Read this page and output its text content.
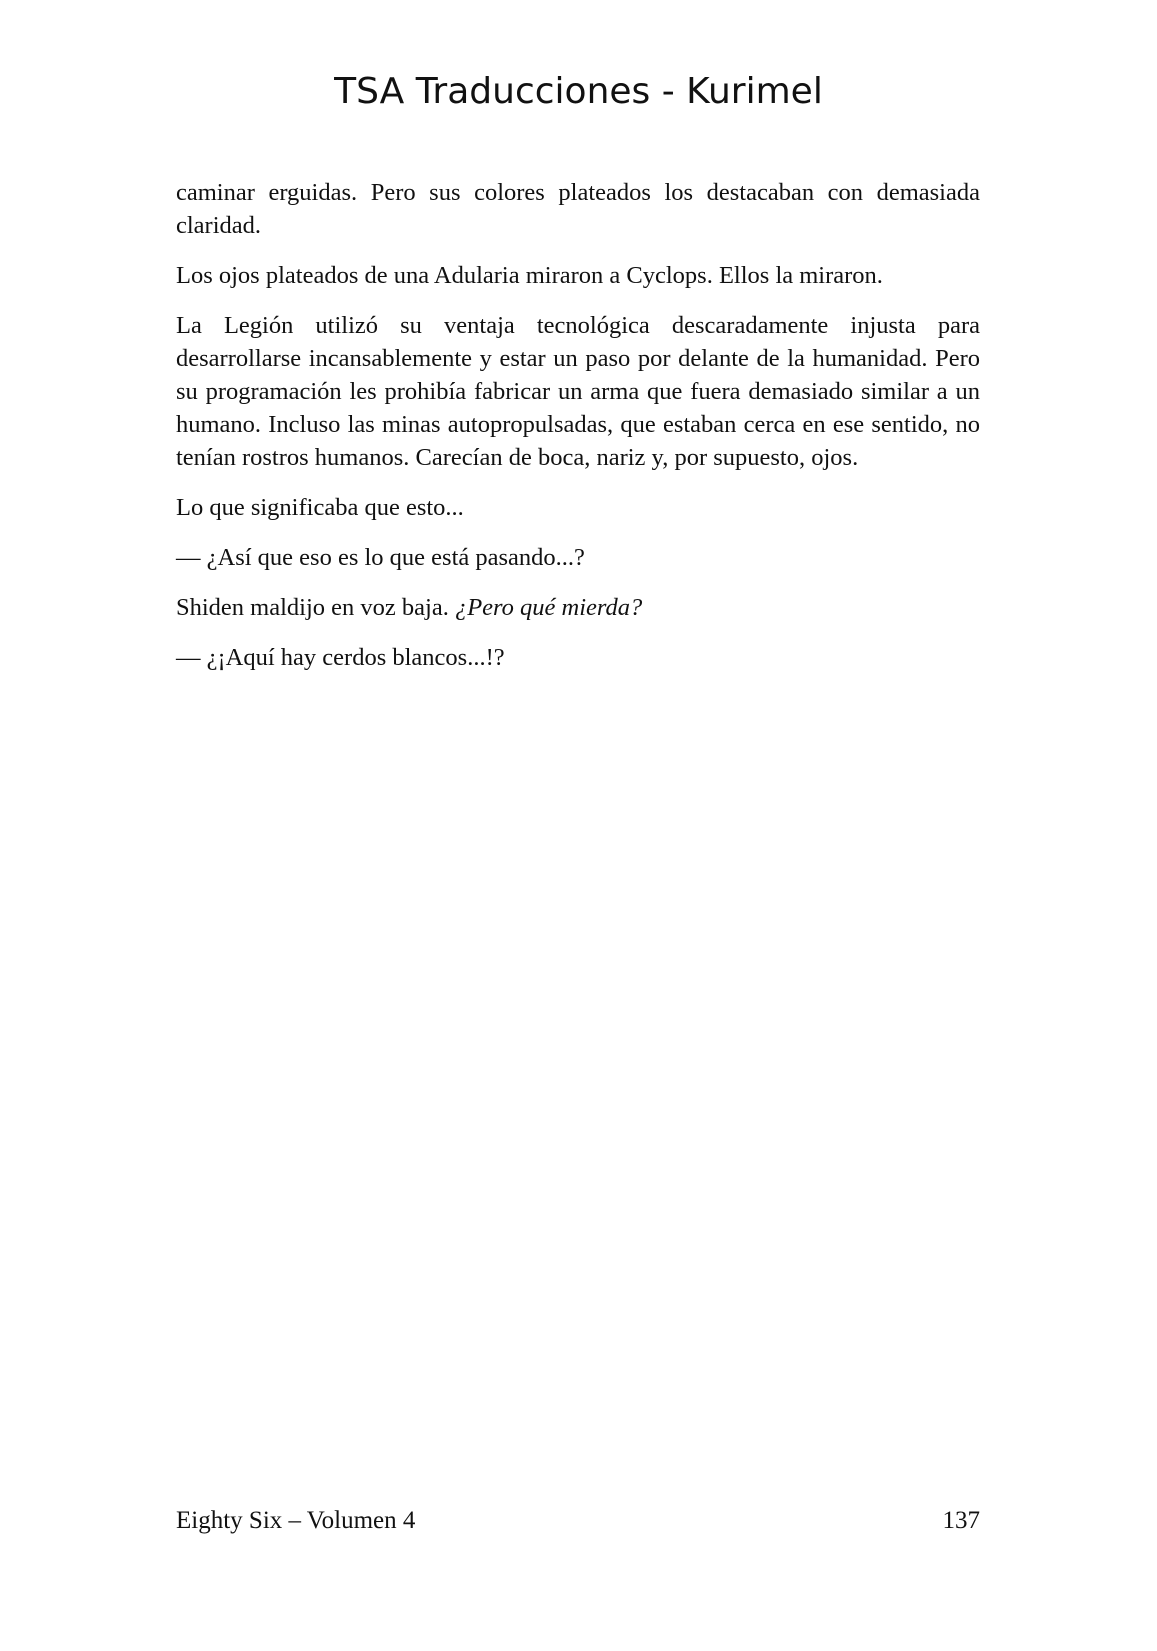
TSA Traducciones - Kurimel

caminar erguidas. Pero sus colores plateados los destacaban con demasiada claridad.

Los ojos plateados de una Adularia miraron a Cyclops. Ellos la miraron.

La Legión utilizó su ventaja tecnológica descaradamente injusta para desarrollarse incansablemente y estar un paso por delante de la humanidad. Pero su programación les prohibía fabricar un arma que fuera demasiado similar a un humano. Incluso las minas autopropulsadas, que estaban cerca en ese sentido, no tenían rostros humanos. Carecían de boca, nariz y, por supuesto, ojos.

Lo que significaba que esto...

— ¿Así que eso es lo que está pasando...?

Shiden maldijo en voz baja. ¿Pero qué mierda?

— ¿¡Aquí hay cerdos blancos...!?

Eighty Six – Volumen 4	137
